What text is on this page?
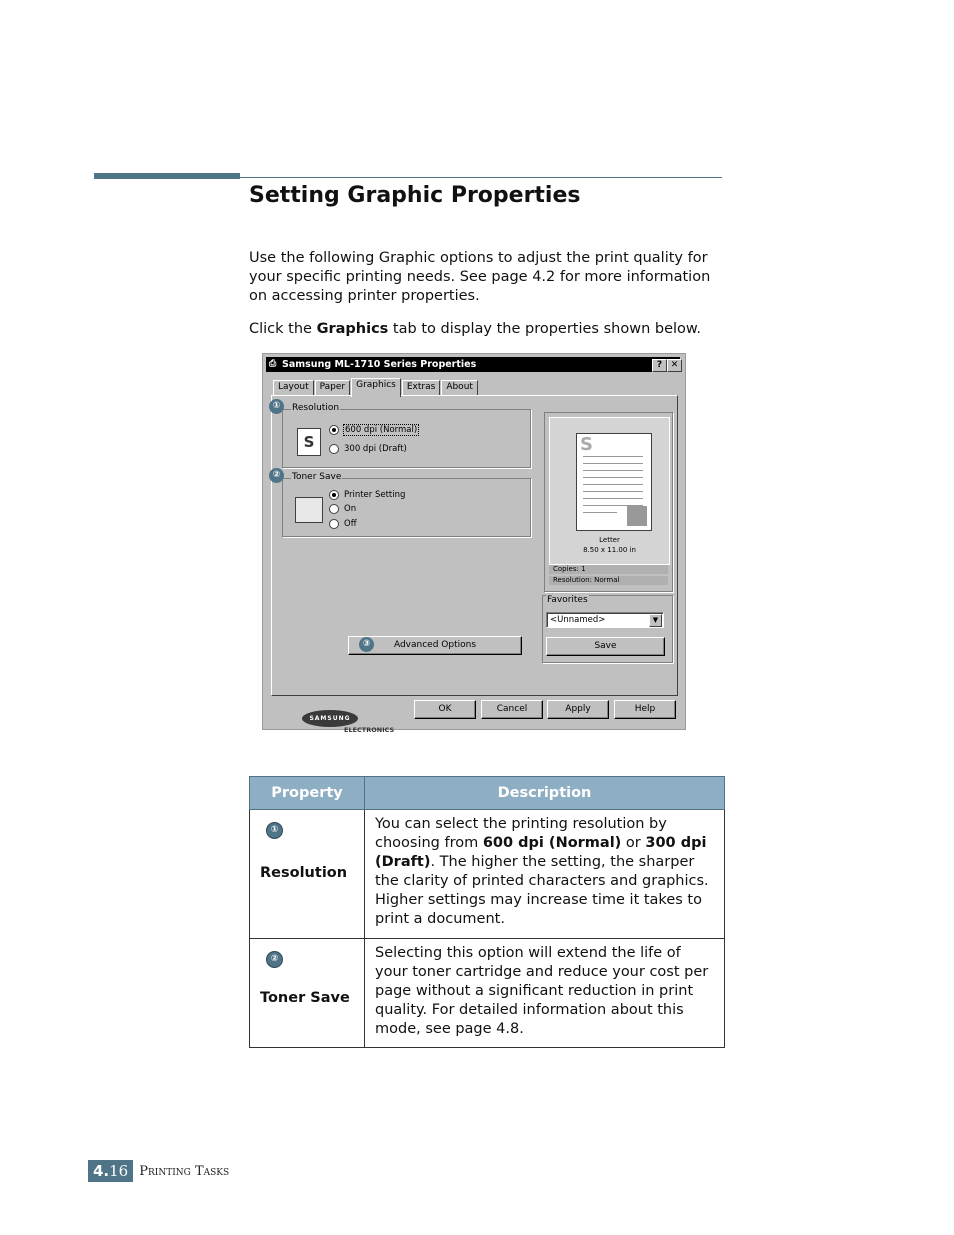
Setting Graphic Properties

Use the following Graphic options to adjust the print quality for your specific printing needs. See page 4.2 for more information on accessing printer properties.

Click the Graphics tab to display the properties shown below.

⎙ Samsung ML-1710 Series Properties	? ✕
Layout	Paper	Graphics	Extras	About
Resolution
S
600 dpi (Normal)
300 dpi (Draft)
①
Toner Save
Printer Setting
On
Off
②
③	Advanced Options
S
Letter
8.50 x 11.00 in
Copies: 1
Resolution: Normal
Favorites
<Unnamed>	▼
Save
SAMSUNG
ELECTRONICS
OK	Cancel	Apply	Help
Property	Description
①
Resolution	You can select the printing resolution by choosing from 600 dpi (Normal) or 300 dpi (Draft). The higher the setting, the sharper the clarity of printed characters and graphics. Higher settings may increase time it takes to print a document.
②
Toner Save	Selecting this option will extend the life of your toner cartridge and reduce your cost per page without a significant reduction in print quality. For detailed information about this mode, see page 4.8.
4.16 Printing Tasks
